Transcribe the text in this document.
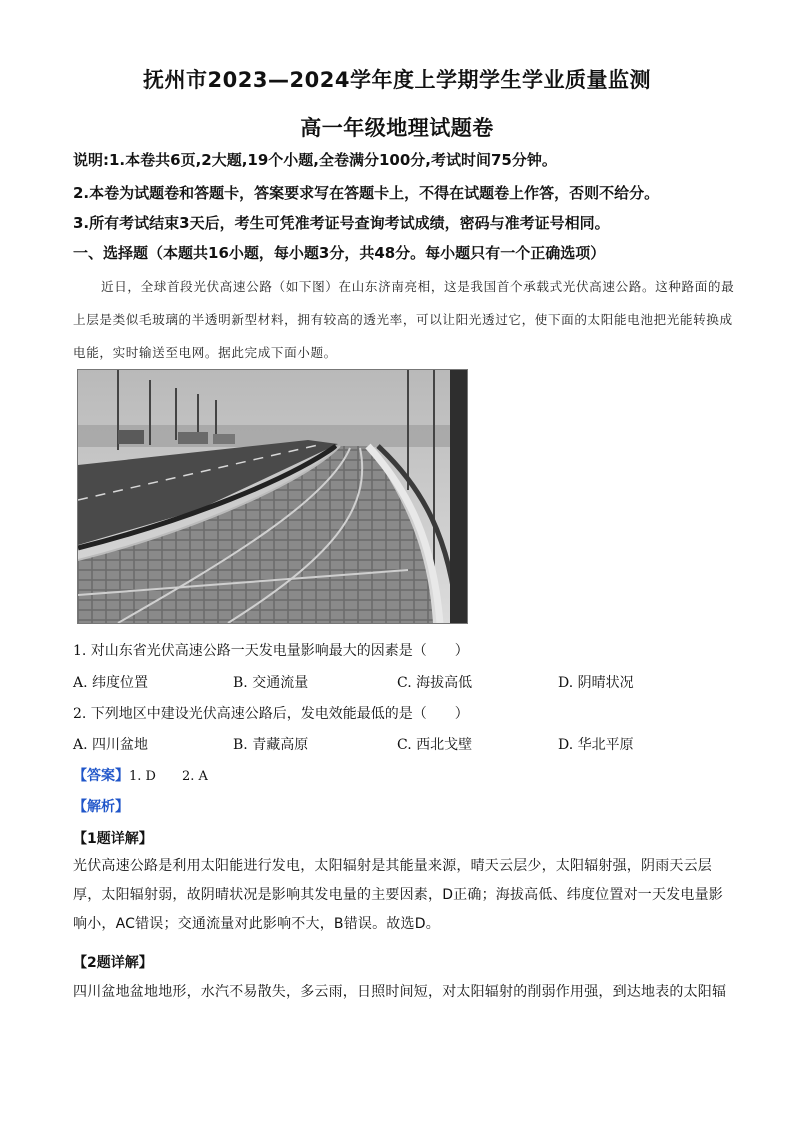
抚州市2023—2024学年度上学期学生学业质量监测
高一年级地理试题卷
说明:1.本卷共6页,2大题,19个小题,全卷满分100分,考试时间75分钟。
2.本卷为试题卷和答题卡，答案要求写在答题卡上，不得在试题卷上作答，否则不给分。
3.所有考试结束3天后，考生可凭准考证号查询考试成绩，密码与准考证号相同。
一、选择题（本题共16小题，每小题3分，共48分。每小题只有一个正确选项）
近日，全球首段光伏高速公路（如下图）在山东济南亮相，这是我国首个承载式光伏高速公路。这种路面的最上层是类似毛玻璃的半透明新型材料，拥有较高的透光率，可以让阳光透过它，使下面的太阳能电池把光能转换成电能，实时输送至电网。据此完成下面小题。
1. 对山东省光伏高速公路一天发电量影响最大的因素是（　　）
A. 纬度位置	B. 交通流量	C. 海拔高低	D. 阴晴状况
2. 下列地区中建设光伏高速公路后，发电效能最低的是（　　）
A. 四川盆地	B. 青藏高原	C. 西北戈壁	D. 华北平原
【答案】1. D　　2. A
【解析】
【1题详解】
光伏高速公路是利用太阳能进行发电，太阳辐射是其能量来源，晴天云层少，太阳辐射强，阴雨天云层厚，太阳辐射弱，故阴晴状况是影响其发电量的主要因素，D正确；海拔高低、纬度位置对一天发电量影响小，AC错误；交通流量对此影响不大，B错误。故选D。
【2题详解】
四川盆地盆地地形，水汽不易散失，多云雨，日照时间短，对太阳辐射的削弱作用强，到达地表的太阳辐
